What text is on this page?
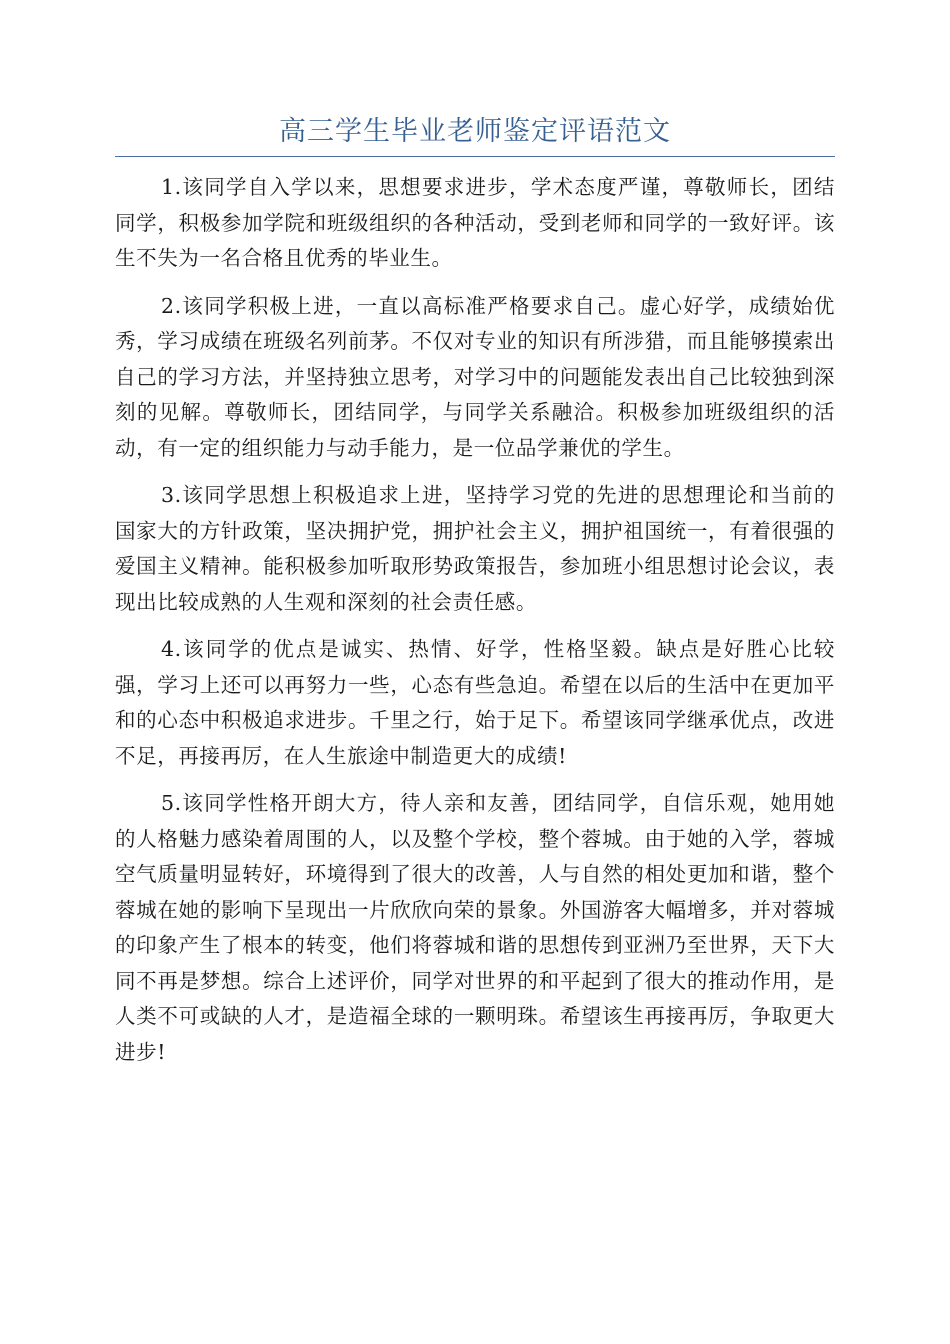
高三学生毕业老师鉴定评语范文

1.该同学自入学以来，思想要求进步，学术态度严谨，尊敬师长，团结同学，积极参加学院和班级组织的各种活动，受到老师和同学的一致好评。该生不失为一名合格且优秀的毕业生。

2.该同学积极上进，一直以高标准严格要求自己。虚心好学，成绩始优秀，学习成绩在班级名列前茅。不仅对专业的知识有所涉猎，而且能够摸索出自己的学习方法，并坚持独立思考，对学习中的问题能发表出自己比较独到深刻的见解。尊敬师长，团结同学，与同学关系融洽。积极参加班级组织的活动，有一定的组织能力与动手能力，是一位品学兼优的学生。

3.该同学思想上积极追求上进，坚持学习党的先进的思想理论和当前的国家大的方针政策，坚决拥护党，拥护社会主义，拥护祖国统一，有着很强的爱国主义精神。能积极参加听取形势政策报告，参加班小组思想讨论会议，表现出比较成熟的人生观和深刻的社会责任感。

4.该同学的优点是诚实、热情、好学，性格坚毅。缺点是好胜心比较强，学习上还可以再努力一些，心态有些急迫。希望在以后的生活中在更加平和的心态中积极追求进步。千里之行，始于足下。希望该同学继承优点，改进不足，再接再厉，在人生旅途中制造更大的成绩!

5.该同学性格开朗大方，待人亲和友善，团结同学，自信乐观，她用她的人格魅力感染着周围的人，以及整个学校，整个蓉城。由于她的入学，蓉城空气质量明显转好，环境得到了很大的改善，人与自然的相处更加和谐，整个蓉城在她的影响下呈现出一片欣欣向荣的景象。外国游客大幅增多，并对蓉城的印象产生了根本的转变，他们将蓉城和谐的思想传到亚洲乃至世界，天下大同不再是梦想。综合上述评价，同学对世界的和平起到了很大的推动作用，是人类不可或缺的人才，是造福全球的一颗明珠。希望该生再接再厉，争取更大进步!
